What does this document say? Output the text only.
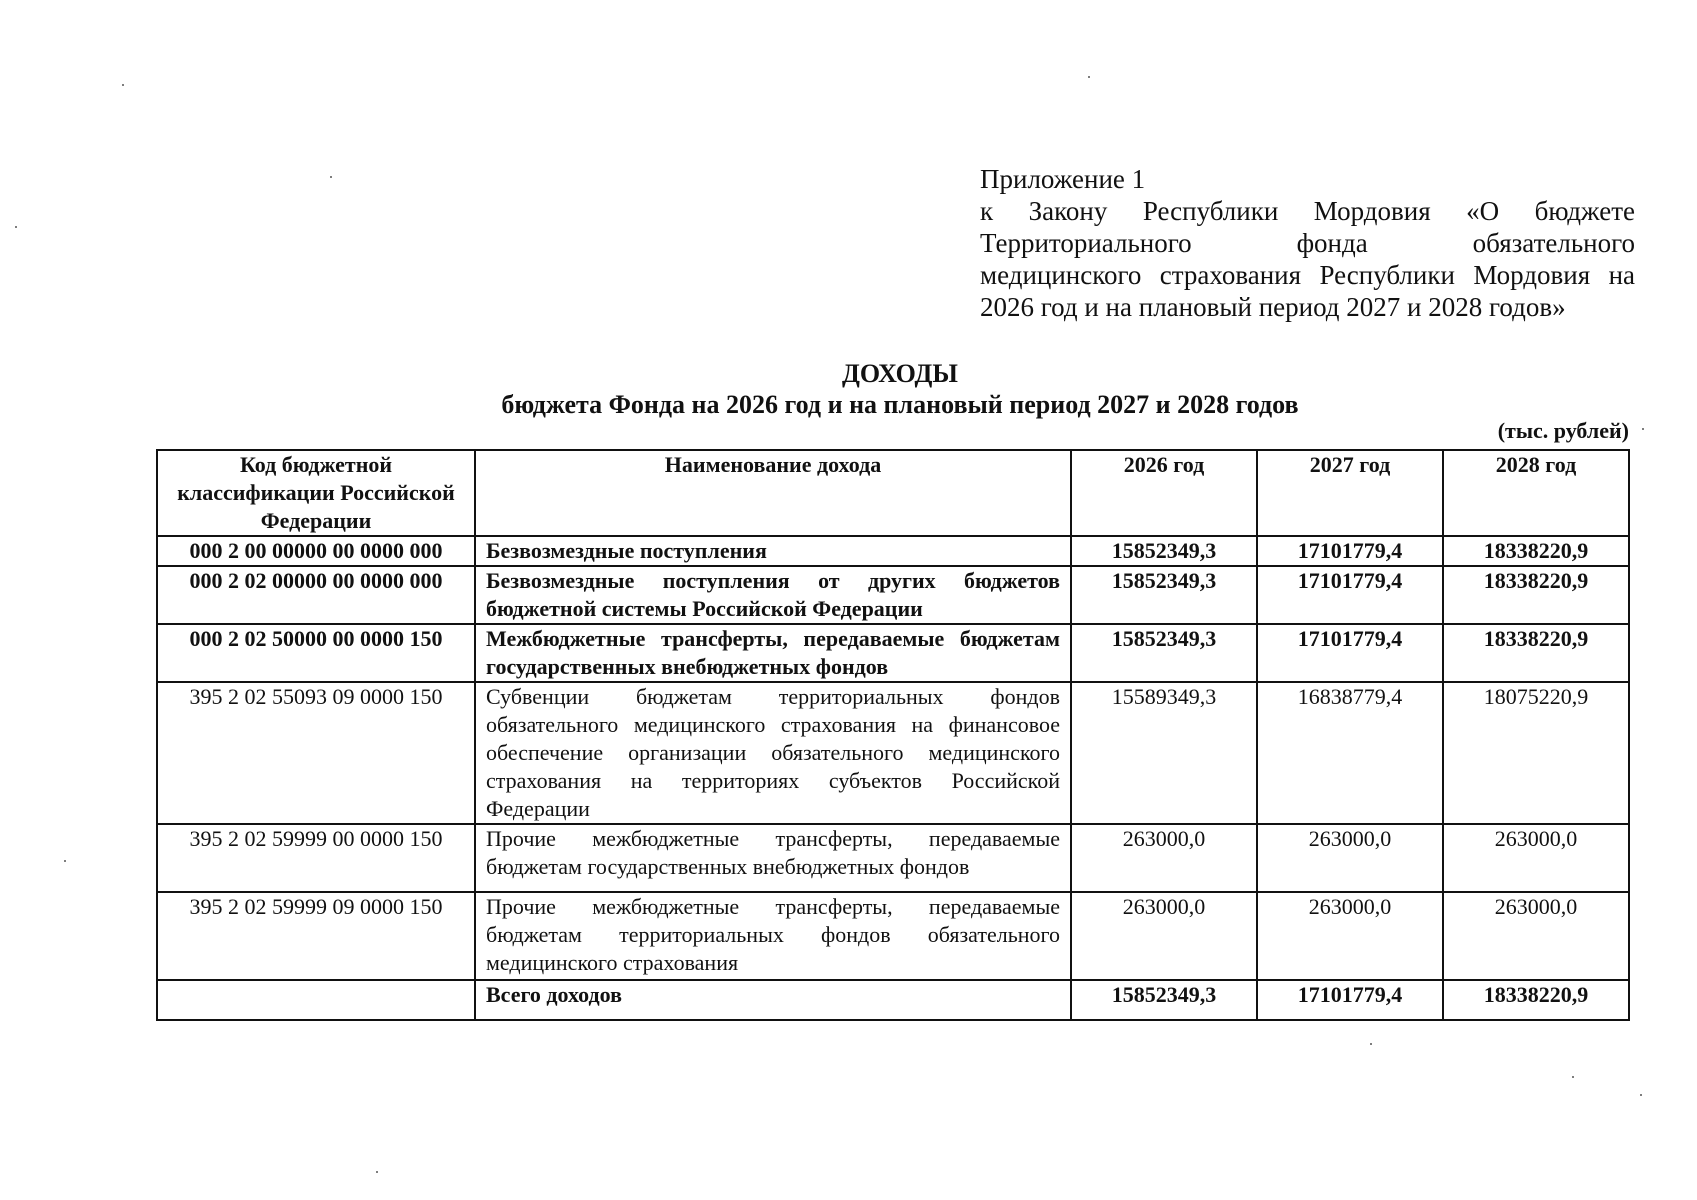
Приложение 1
к Закону Республики Мордовия «О бюджете
Территориального фонда обязательного
медицинского страхования Республики Мордовия на
2026 год и на плановый период 2027 и 2028 годов»
ДОХОДЫ
бюджета Фонда на 2026 год и на плановый период 2027 и 2028 годов
(тыс. рублей)
Код бюджетной классификации Российской Федерации	Наименование дохода	2026 год	2027 год	2028 год
000 2 00 00000 00 0000 000	Безвозмездные поступления	15852349,3	17101779,4	18338220,9
000 2 02 00000 00 0000 000	Безвозмездные поступления от других бюджетов бюджетной системы Российской Федерации	15852349,3	17101779,4	18338220,9
000 2 02 50000 00 0000 150	Межбюджетные трансферты, передаваемые бюджетам государственных внебюджетных фондов	15852349,3	17101779,4	18338220,9
395 2 02 55093 09 0000 150	Субвенции бюджетам территориальных фондов обязательного медицинского страхования на финансовое обеспечение организации обязательного медицинского страхования на территориях субъектов Российской Федерации	15589349,3	16838779,4	18075220,9
395 2 02 59999 00 0000 150	Прочие межбюджетные трансферты, передаваемые бюджетам государственных внебюджетных фондов	263000,0	263000,0	263000,0
395 2 02 59999 09 0000 150	Прочие межбюджетные трансферты, передаваемые бюджетам территориальных фондов обязательного медицинского страхования	263000,0	263000,0	263000,0
	Всего доходов	15852349,3	17101779,4	18338220,9
